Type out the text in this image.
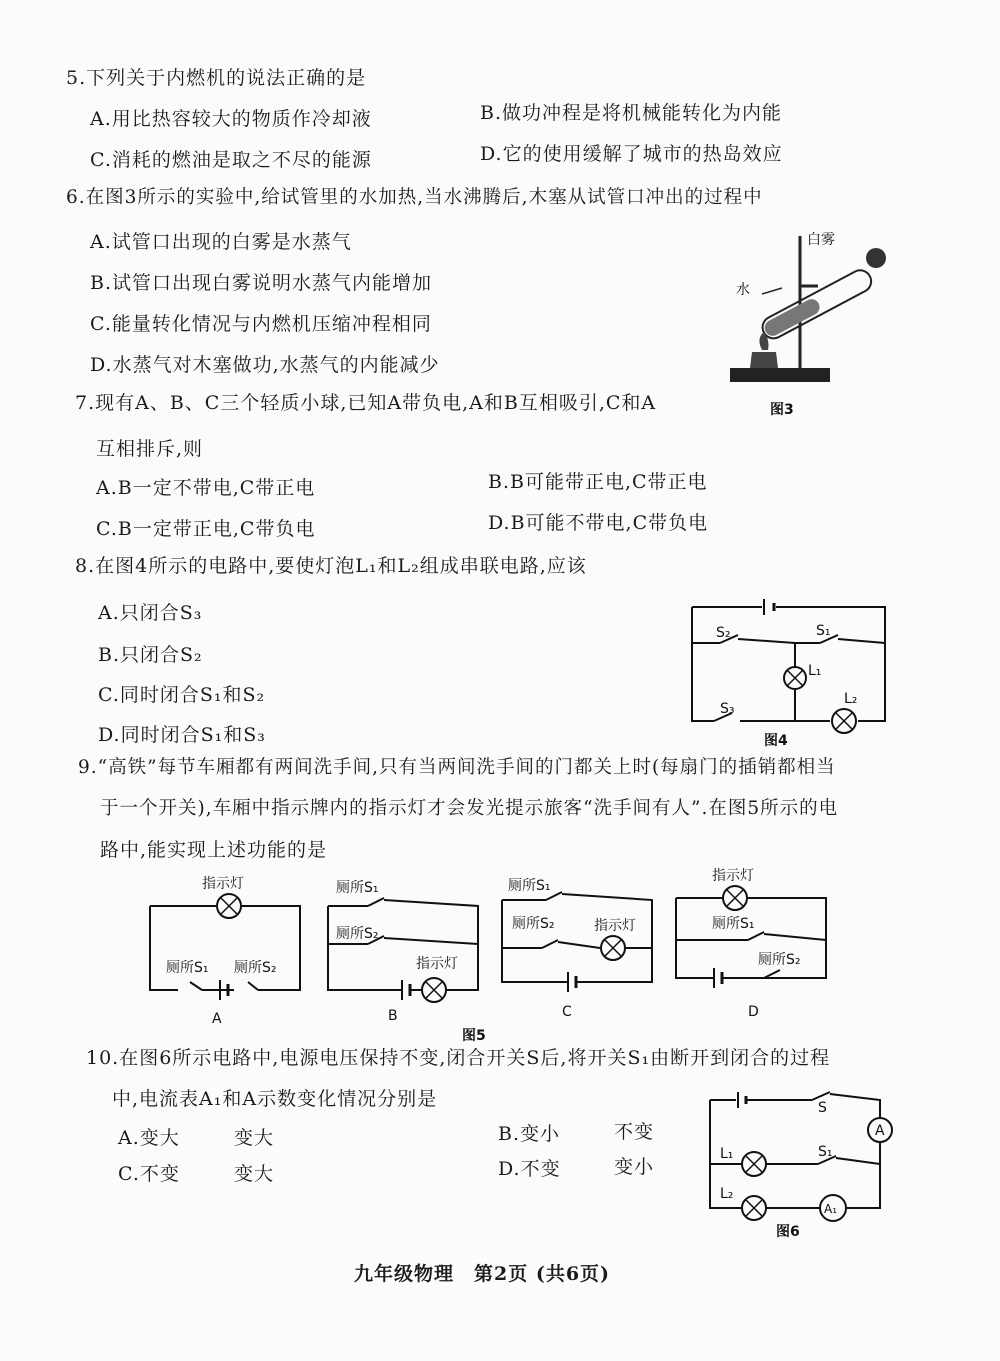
5.下列关于内燃机的说法正确的是
A.用比热容较大的物质作冷却液	B.做功冲程是将机械能转化为内能
C.消耗的燃油是取之不尽的能源	D.它的使用缓解了城市的热岛效应
6.在图3所示的实验中,给试管里的水加热,当水沸腾后,木塞从试管口冲出的过程中
A.试管口出现的白雾是水蒸气
B.试管口出现白雾说明水蒸气内能增加
C.能量转化情况与内燃机压缩冲程相同
D.水蒸气对木塞做功,水蒸气的内能减少
白雾
水
图3
7.现有A、B、C三个轻质小球,已知A带负电,A和B互相吸引,C和A
互相排斥,则
A.B一定不带电,C带正电	B.B可能带正电,C带正电
C.B一定带正电,C带负电	D.B可能不带电,C带负电
8.在图4所示的电路中,要使灯泡L₁和L₂组成串联电路,应该
A.只闭合S₃
B.只闭合S₂
C.同时闭合S₁和S₂
D.同时闭合S₁和S₃
S₂	S₁
L₁
L₂
S₃
图4
9.“高铁”每节车厢都有两间洗手间,只有当两间洗手间的门都关上时(每扇门的插销都相当
于一个开关),车厢中指示牌内的指示灯才会发光提示旅客“洗手间有人”.在图5所示的电
路中,能实现上述功能的是
指示灯
厕所S₁ 厕所S₂
A
厕所S₁
厕所S₂
指示灯
B
厕所S₁
厕所S₂	指示灯
C
指示灯
厕所S₁
厕所S₂
D
图5
10.在图6所示电路中,电源电压保持不变,闭合开关S后,将开关S₁由断开到闭合的过程
中,电流表A₁和A示数变化情况分别是
A.变大	变大	B.变小	不变
C.不变	变大	D.不变	变小
A
A₁
S
S₁
L₁
L₂
图6
九年级物理　第2页 (共6页)
